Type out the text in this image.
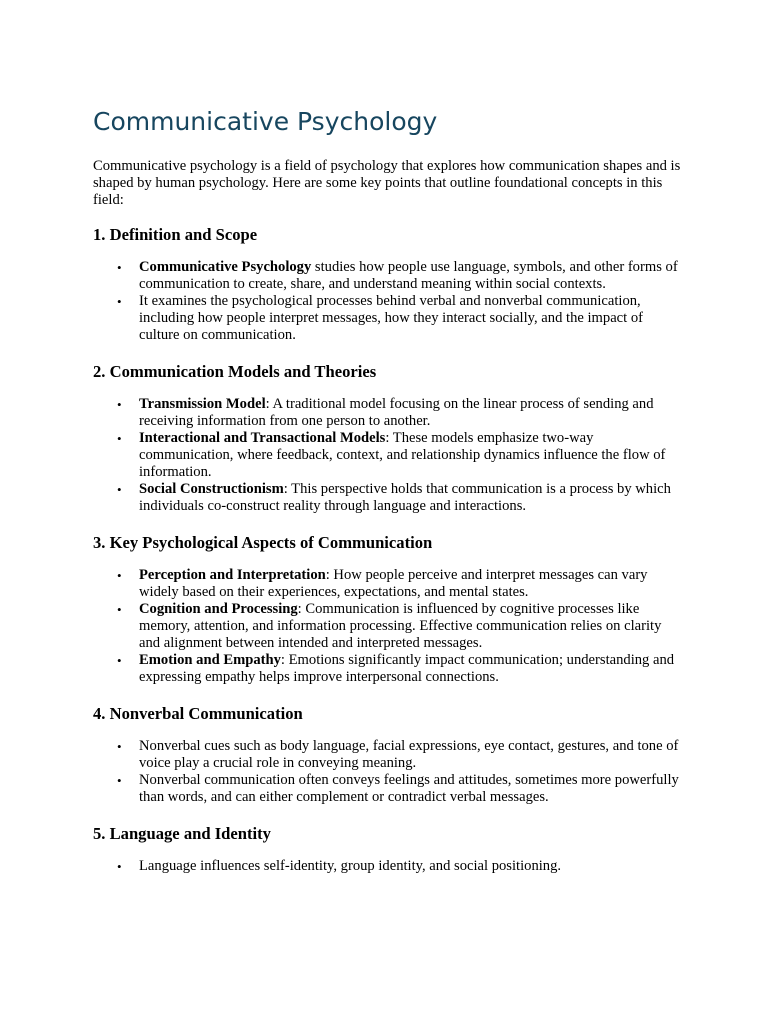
Communicative Psychology

Communicative psychology is a field of psychology that explores how communication shapes and is shaped by human psychology. Here are some key points that outline foundational concepts in this field:

1. Definition and Scope
• Communicative Psychology studies how people use language, symbols, and other forms of communication to create, share, and understand meaning within social contexts.
• It examines the psychological processes behind verbal and nonverbal communication, including how people interpret messages, how they interact socially, and the impact of culture on communication.
2. Communication Models and Theories
• Transmission Model: A traditional model focusing on the linear process of sending and receiving information from one person to another.
• Interactional and Transactional Models: These models emphasize two-way communication, where feedback, context, and relationship dynamics influence the flow of information.
• Social Constructionism: This perspective holds that communication is a process by which individuals co-construct reality through language and interactions.
3. Key Psychological Aspects of Communication
• Perception and Interpretation: How people perceive and interpret messages can vary widely based on their experiences, expectations, and mental states.
• Cognition and Processing: Communication is influenced by cognitive processes like memory, attention, and information processing. Effective communication relies on clarity and alignment between intended and interpreted messages.
• Emotion and Empathy: Emotions significantly impact communication; understanding and expressing empathy helps improve interpersonal connections.
4. Nonverbal Communication
• Nonverbal cues such as body language, facial expressions, eye contact, gestures, and tone of voice play a crucial role in conveying meaning.
• Nonverbal communication often conveys feelings and attitudes, sometimes more powerfully than words, and can either complement or contradict verbal messages.
5. Language and Identity
• Language influences self-identity, group identity, and social positioning.
